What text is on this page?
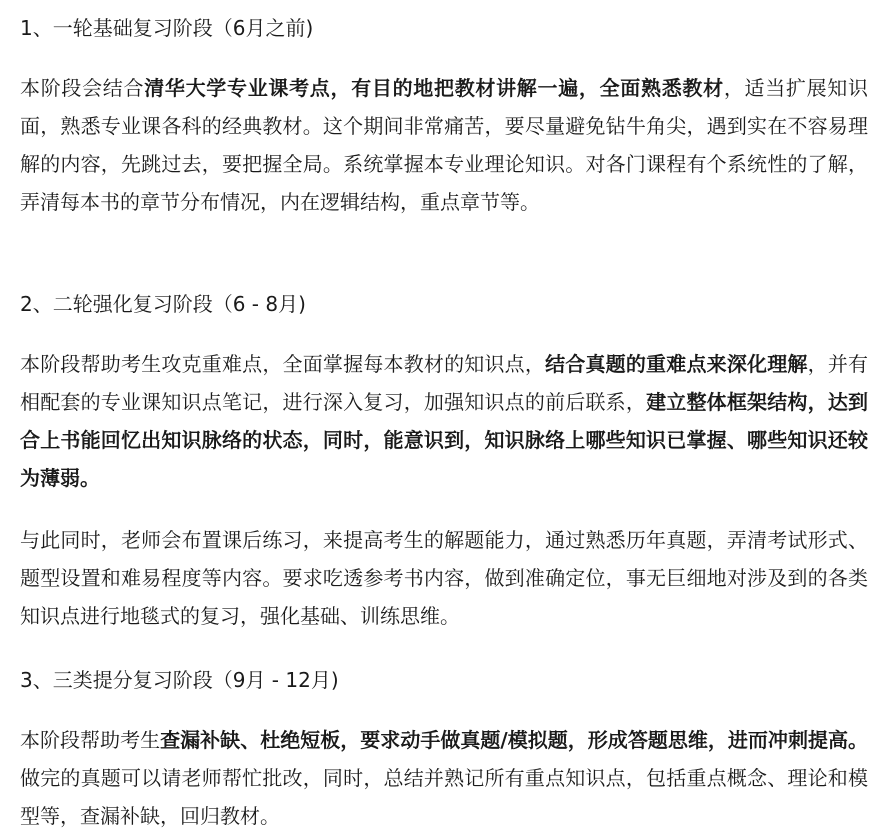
1、一轮基础复习阶段（6月之前)

本阶段会结合清华大学专业课考点，有目的地把教材讲解一遍，全面熟悉教材，适当扩展知识面，熟悉专业课各科的经典教材。这个期间非常痛苦，要尽量避免钻牛角尖，遇到实在不容易理解的内容，先跳过去，要把握全局。系统掌握本专业理论知识。对各门课程有个系统性的了解，弄清每本书的章节分布情况，内在逻辑结构，重点章节等。

2、二轮强化复习阶段（6 - 8月)

本阶段帮助考生攻克重难点，全面掌握每本教材的知识点，结合真题的重难点来深化理解，并有相配套的专业课知识点笔记，进行深入复习，加强知识点的前后联系，建立整体框架结构，达到合上书能回忆出知识脉络的状态，同时，能意识到，知识脉络上哪些知识已掌握、哪些知识还较为薄弱。

与此同时，老师会布置课后练习，来提高考生的解题能力，通过熟悉历年真题，弄清考试形式、题型设置和难易程度等内容。要求吃透参考书内容，做到准确定位，事无巨细地对涉及到的各类知识点进行地毯式的复习，强化基础、训练思维。

3、三类提分复习阶段（9月 - 12月)

本阶段帮助考生查漏补缺、杜绝短板，要求动手做真题/模拟题，形成答题思维，进而冲刺提高。做完的真题可以请老师帮忙批改，同时，总结并熟记所有重点知识点，包括重点概念、理论和模型等，查漏补缺，回归教材。
